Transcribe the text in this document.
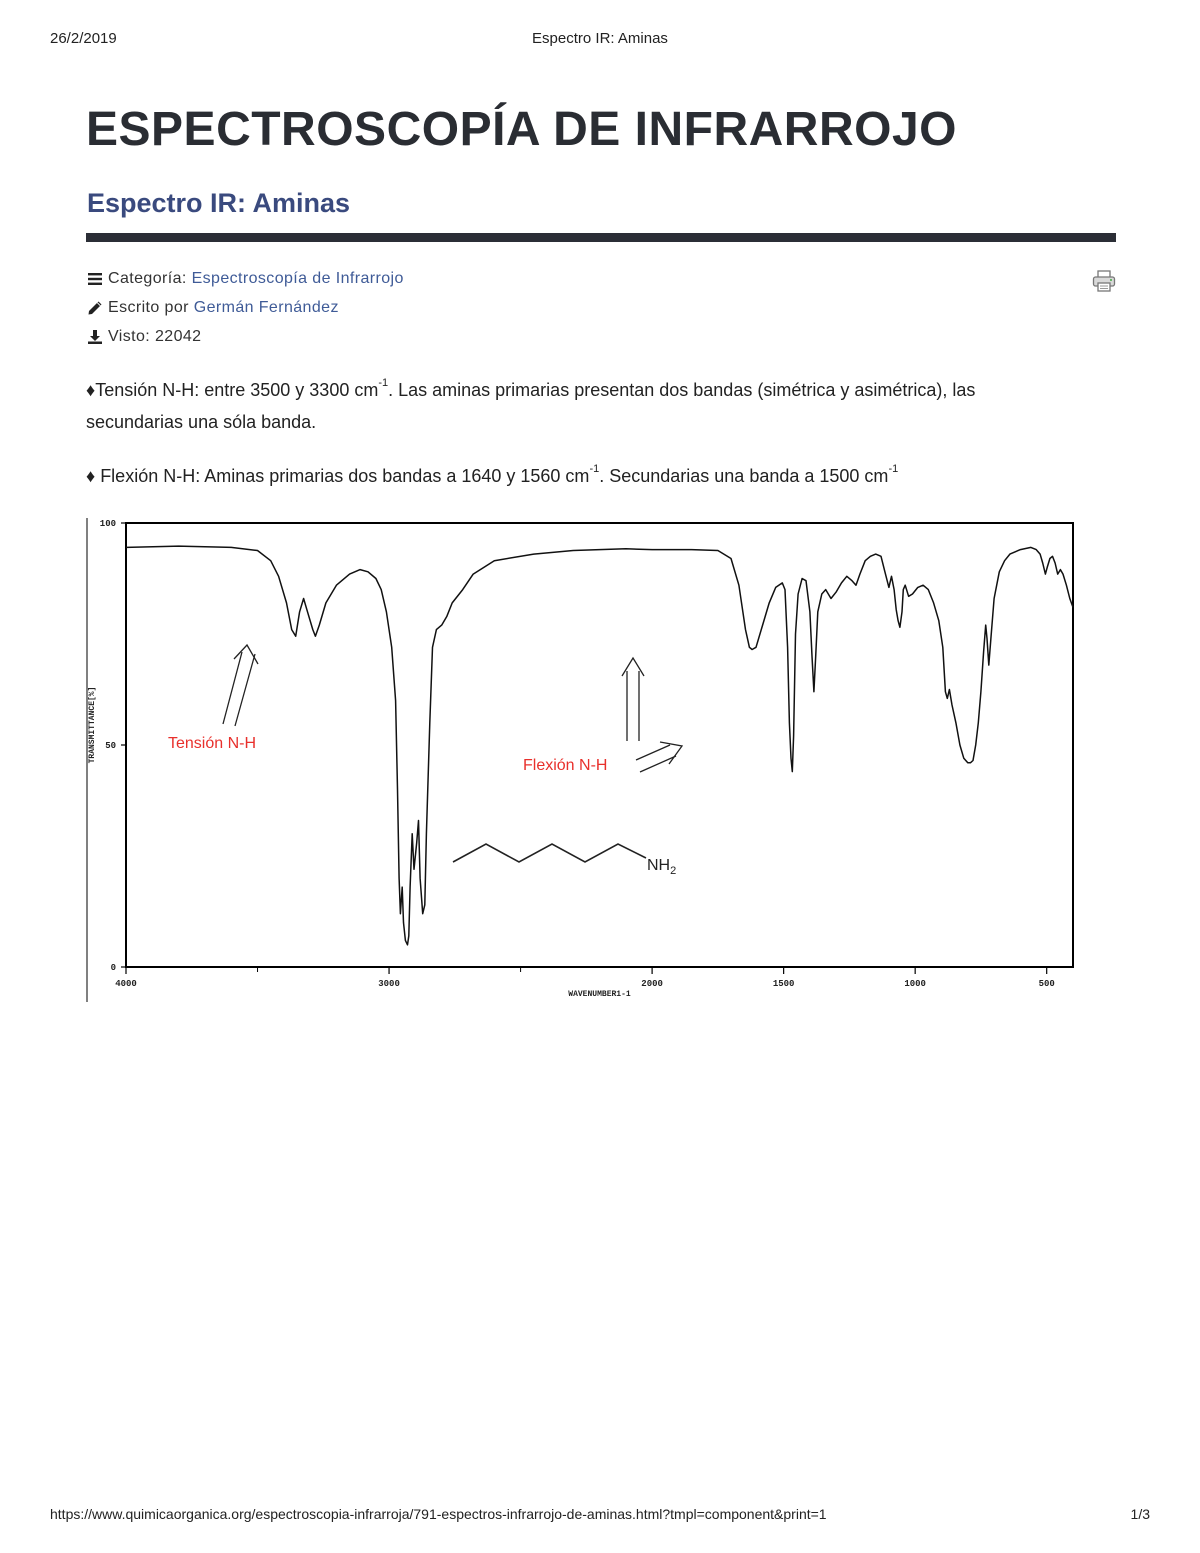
26/2/2019	Espectro IR: Aminas
ESPECTROSCOPÍA DE INFRARROJO
Espectro IR: Aminas
Categoría: Espectroscopía de Infrarrojo
Escrito por Germán Fernández
Visto: 22042
♦Tensión N-H: entre 3500 y 3300 $cm^{-1}$. Las aminas primarias presentan dos bandas (simétrica y asimétrica), las
secundarias una sóla banda.
♦ Flexión N-H: Aminas primarias dos bandas a 1640 y 1560 $cm^{-1}$. Secundarias una banda a 1500 $cm^{-1}$
4000	3000	2000	1500	1000	500
0
50
100
WAVENUMBER1-1
TRANSMITTANCE[%]	Tensión N-H
Flexión N-H
$NH_2$
https://www.quimicaorganica.org/espectroscopia-infrarroja/791-espectros-infrarrojo-de-aminas.html?tmpl=component&print=1	1/3
